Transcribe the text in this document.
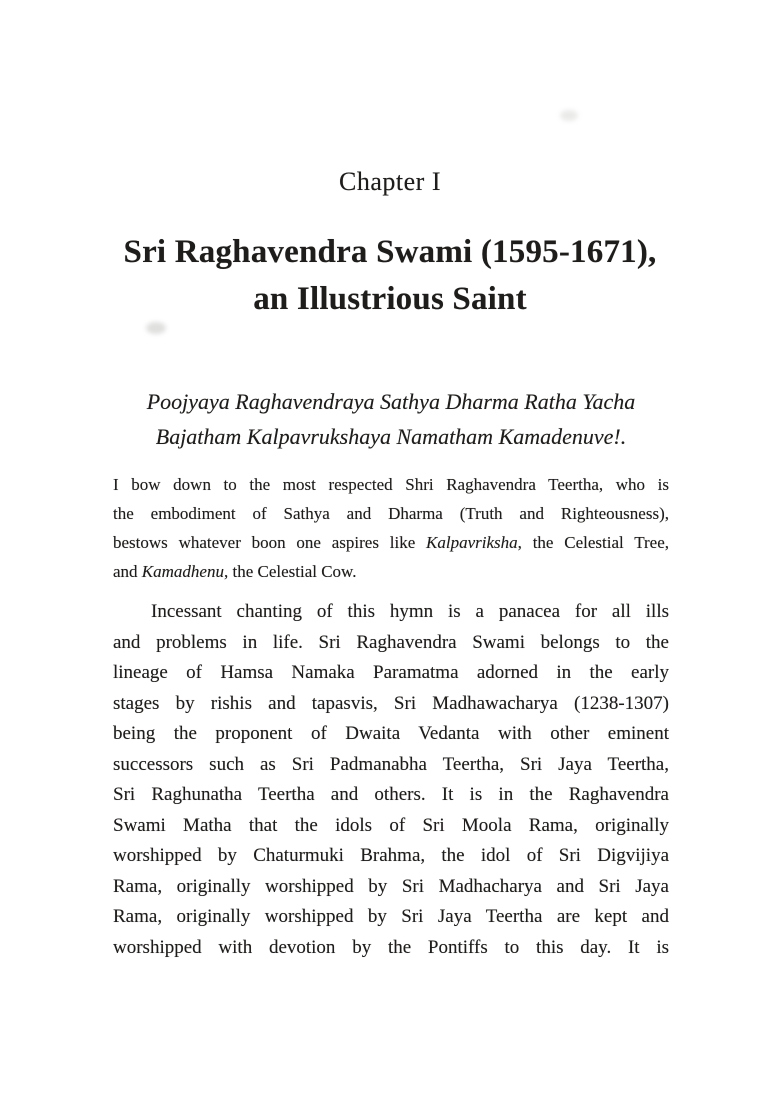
Chapter I
Sri Raghavendra Swami (1595-1671),
an Illustrious Saint
Poojyaya Raghavendraya Sathya Dharma Ratha Yacha
Bajatham Kalpavrukshaya Namatham Kamadenuve!.
I bow down to the most respected Shri Raghavendra Teertha, who is
the embodiment of Sathya and Dharma (Truth and Righteousness),
bestows whatever boon one aspires like Kalpavriksha, the Celestial Tree,
and Kamadhenu, the Celestial Cow.
Incessant chanting of this hymn is a panacea for all ills
and problems in life. Sri Raghavendra Swami belongs to the
lineage of Hamsa Namaka Paramatma adorned in the early
stages by rishis and tapasvis, Sri Madhawacharya (1238-1307)
being the proponent of Dwaita Vedanta with other eminent
successors such as Sri Padmanabha Teertha, Sri Jaya Teertha,
Sri Raghunatha Teertha and others. It is in the Raghavendra
Swami Matha that the idols of Sri Moola Rama, originally
worshipped by Chaturmuki Brahma, the idol of Sri Digvijiya
Rama, originally worshipped by Sri Madhacharya and Sri Jaya
Rama, originally worshipped by Sri Jaya Teertha are kept and
worshipped with devotion by the Pontiffs to this day. It is
